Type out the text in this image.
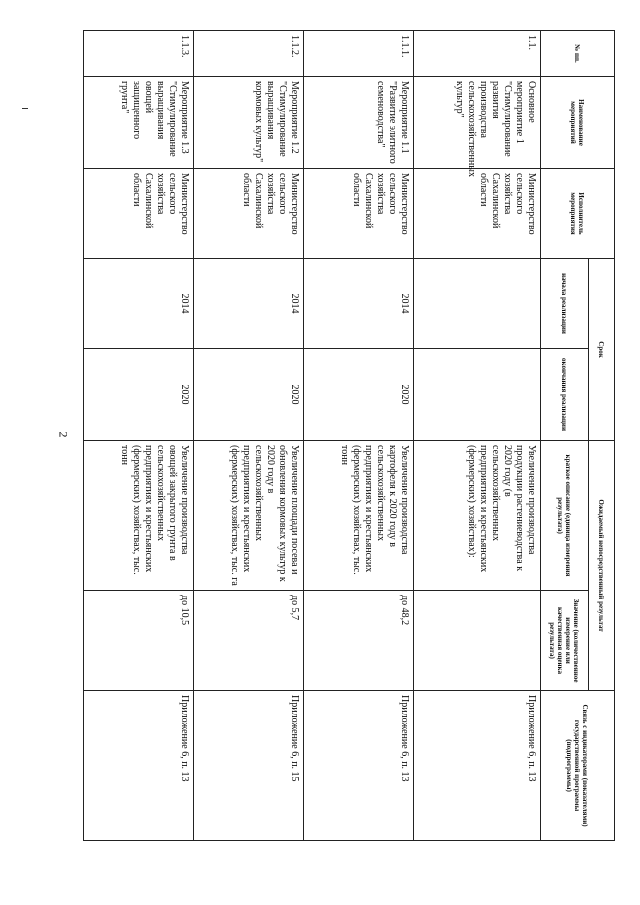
2
№ пп.	Наименование мероприятий	Исполнитель мероприятия	Срок		Ожидаемый непосредственный результат		Связь с индикаторами (показателями) государственной программы (подпрограммы)
			начала реализации	окончания реализации	краткое описание (единица измерения результата)	Значение (количественное измерение или качественная оценка результата)	
1.1.	Основное мероприятие 1 "Стимулирование развития производства сельскохозяйственных культур"	Министерство сельского хозяйства Сахалинской области			Увеличение производства продукции растениеводства к 2020 году (в сельскохозяйственных предприятиях и крестьянских (фермерских) хозяйствах):		Приложение 6, п. 13
1.1.1.	Мероприятие 1.1 "Развитие элитного семеноводства"	Министерство сельского хозяйства Сахалинской области	2014	2020	Увеличение производства картофеля к 2020 году в сельскохозяйственных предприятиях и крестьянских (фермерских) хозяйствах, тыс. тонн	до 48,2	Приложение 6, п. 13
1.1.2.	Мероприятие 1.2 "Стимулирование выращивания кормовых культур"	Министерство сельского хозяйства Сахалинской области	2014	2020	Увеличение площади посева и обновления кормовых культур к 2020 году в сельскохозяйственных предприятиях и крестьянских (фермерских) хозяйствах, тыс. га	до 5,7	Приложение 6, п. 15
1.1.3.	Мероприятие 1.3 "Стимулирование выращивания овощей защищенного грунта"	Министерство сельского хозяйства Сахалинской области	2014	2020	Увеличение производства овощей закрытого грунта в сельскохозяйственных предприятиях и крестьянских (фермерских) хозяйствах, тыс. тонн	до 10,5	Приложение 6, п. 13
